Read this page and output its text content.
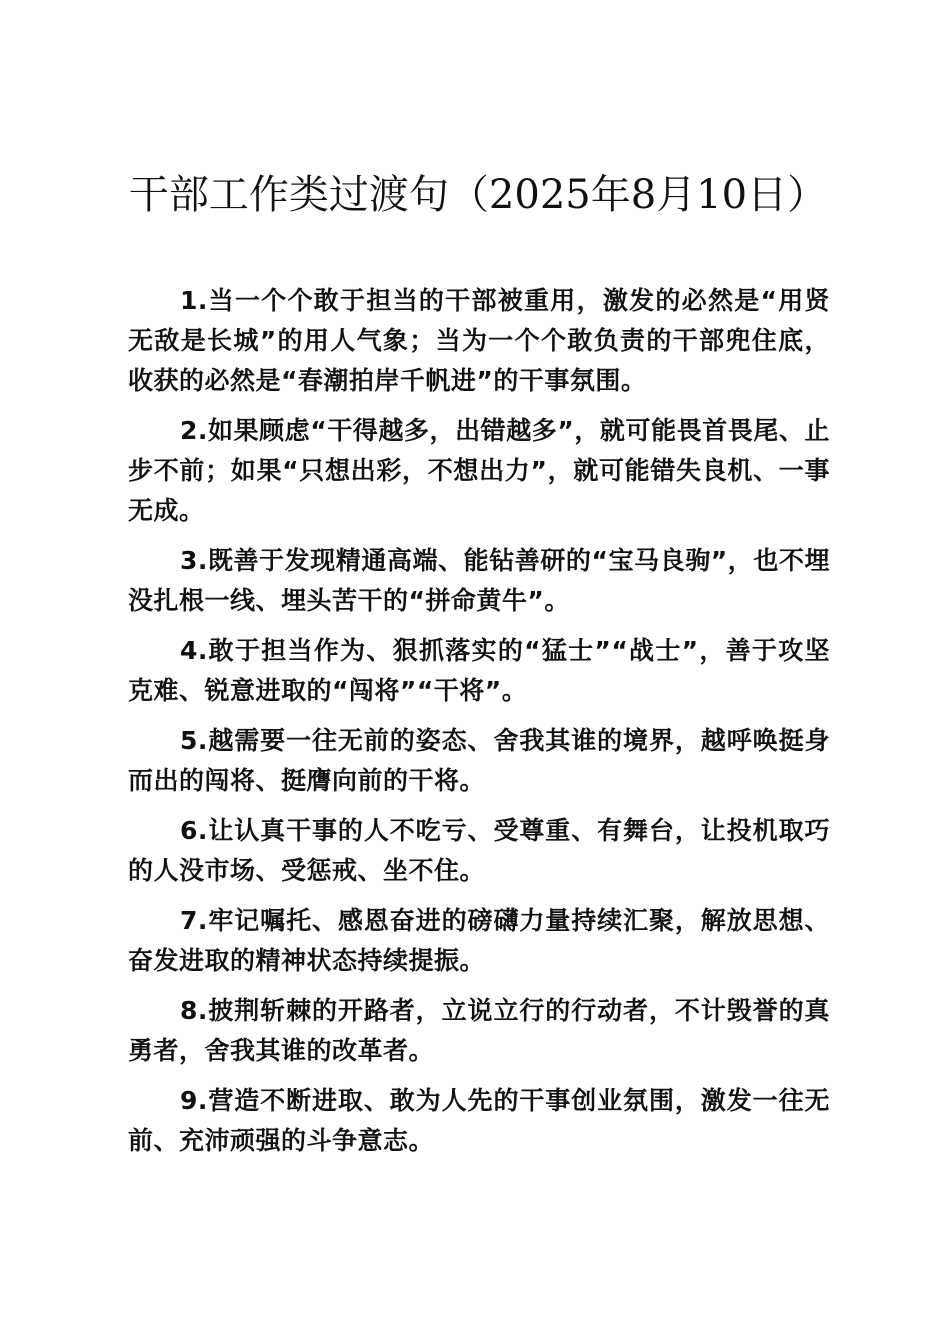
干部工作类过渡句（2025年8月10日）

1.当一个个敢于担当的干部被重用，激发的必然是“用贤无敌是长城”的用人气象；当为一个个敢负责的干部兜住底，收获的必然是“春潮拍岸千帆进”的干事氛围。

2.如果顾虑“干得越多，出错越多”，就可能畏首畏尾、止步不前；如果“只想出彩，不想出力”，就可能错失良机、一事无成。

3.既善于发现精通高端、能钻善研的“宝马良驹”，也不埋没扎根一线、埋头苦干的“拼命黄牛”。

4.敢于担当作为、狠抓落实的“猛士”“战士”，善于攻坚克难、锐意进取的“闯将”“干将”。

5.越需要一往无前的姿态、舍我其谁的境界，越呼唤挺身而出的闯将、挺膺向前的干将。

6.让认真干事的人不吃亏、受尊重、有舞台，让投机取巧的人没市场、受惩戒、坐不住。

7.牢记嘱托、感恩奋进的磅礴力量持续汇聚，解放思想、奋发进取的精神状态持续提振。

8.披荆斩棘的开路者，立说立行的行动者，不计毁誉的真勇者，舍我其谁的改革者。

9.营造不断进取、敢为人先的干事创业氛围，激发一往无前、充沛顽强的斗争意志。
